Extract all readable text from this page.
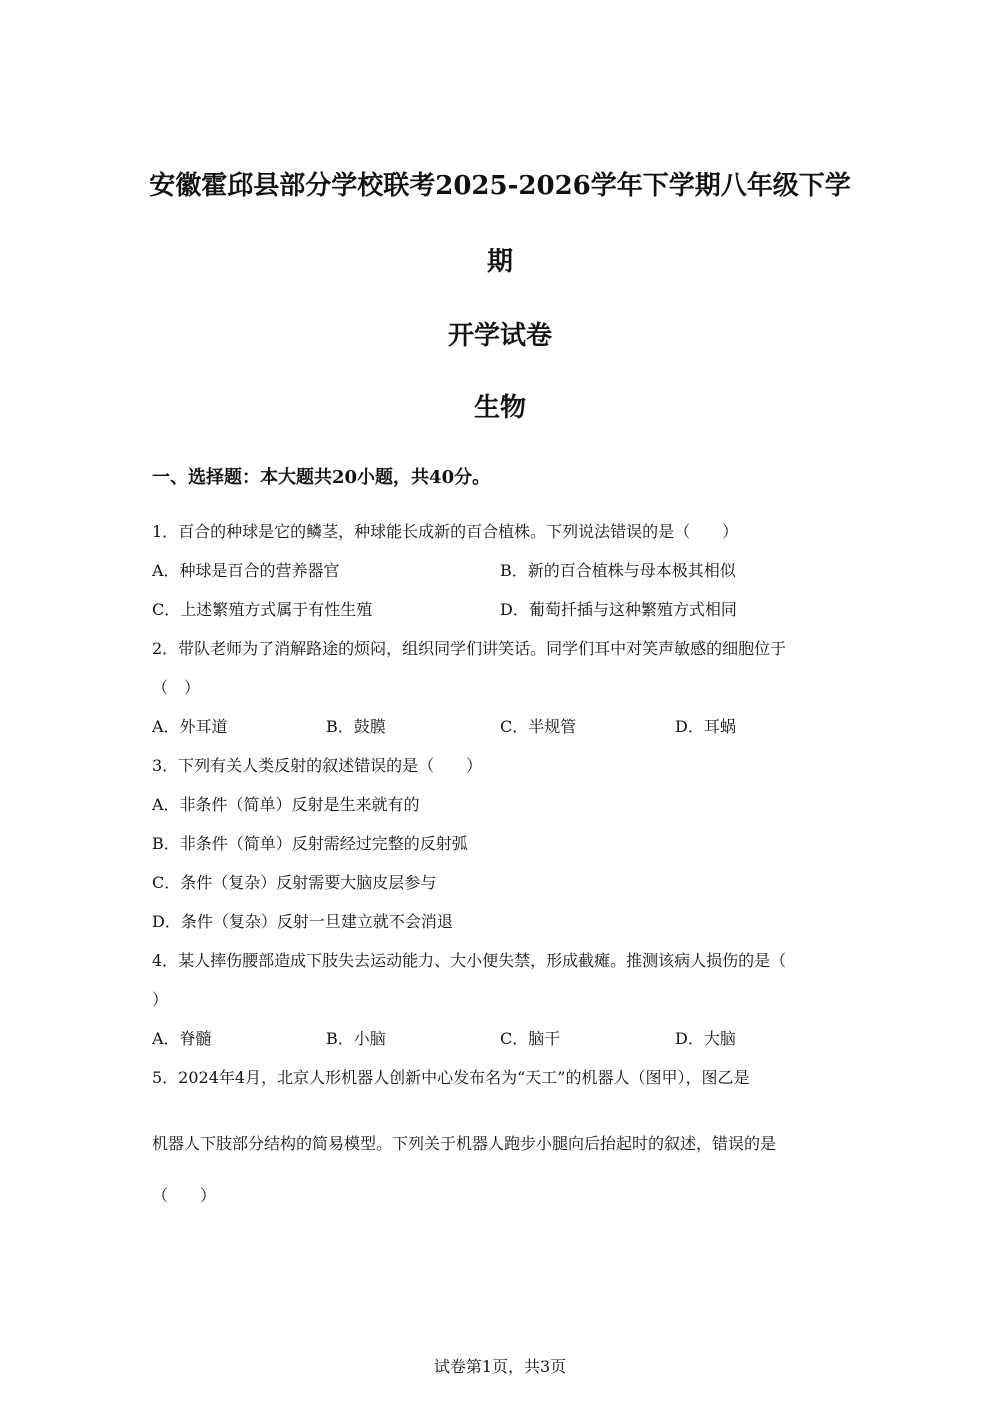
安徽霍邱县部分学校联考2025-2026学年下学期八年级下学
期
开学试卷
生物
一、选择题：本大题共20小题，共40分。
1．百合的种球是它的鳞茎，种球能长成新的百合植株。下列说法错误的是（　　）
A．种球是百合的营养器官	B．新的百合植株与母本极其相似
C．上述繁殖方式属于有性生殖	D．葡萄扦插与这种繁殖方式相同
2．带队老师为了消解路途的烦闷，组织同学们讲笑话。同学们耳中对笑声敏感的细胞位于
（　）
A．外耳道	B．鼓膜	C．半规管	D．耳蜗
3．下列有关人类反射的叙述错误的是（　　）
A．非条件（简单）反射是生来就有的
B．非条件（简单）反射需经过完整的反射弧
C．条件（复杂）反射需要大脑皮层参与
D．条件（复杂）反射一旦建立就不会消退
4．某人摔伤腰部造成下肢失去运动能力、大小便失禁，形成截瘫。推测该病人损伤的是（
）
A．脊髓	B．小脑	C．脑干	D．大脑
5．2024年4月，北京人形机器人创新中心发布名为“天工”的机器人（图甲），图乙是
机器人下肢部分结构的简易模型。下列关于机器人跑步小腿向后抬起时的叙述，错误的是
（　　）
试卷第1页，共3页
